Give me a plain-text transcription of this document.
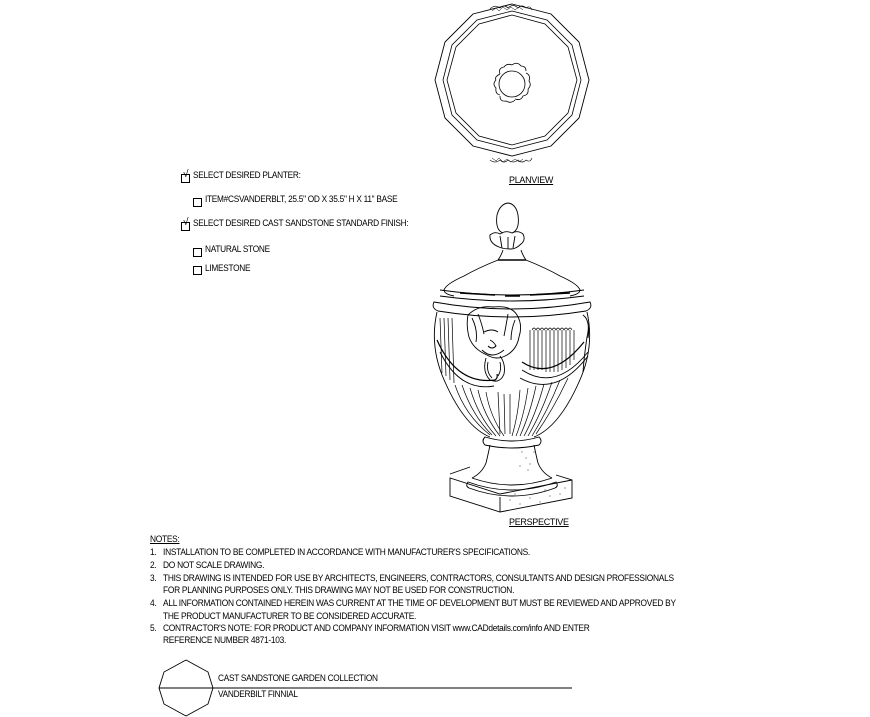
PLANVIEW
PERSPECTIVE
√ SELECT DESIRED PLANTER:
ITEM#CSVANDERBLT, 25.5" OD X 35.5" H X 11" BASE
√ SELECT DESIRED CAST SANDSTONE STANDARD FINISH:
NATURAL STONE
LIMESTONE
NOTES:
1. INSTALLATION TO BE COMPLETED IN ACCORDANCE WITH MANUFACTURER'S SPECIFICATIONS.
2. DO NOT SCALE DRAWING.
3. THIS DRAWING IS INTENDED FOR USE BY ARCHITECTS, ENGINEERS, CONTRACTORS, CONSULTANTS AND DESIGN PROFESSIONALS
FOR PLANNING PURPOSES ONLY. THIS DRAWING MAY NOT BE USED FOR CONSTRUCTION.
4. ALL INFORMATION CONTAINED HEREIN WAS CURRENT AT THE TIME OF DEVELOPMENT BUT MUST BE REVIEWED AND APPROVED BY
THE PRODUCT MANUFACTURER TO BE CONSIDERED ACCURATE.
5. CONTRACTOR'S NOTE: FOR PRODUCT AND COMPANY INFORMATION VISIT www.CADdetails.com/info AND ENTER
REFERENCE NUMBER 4871-103.
CAST SANDSTONE GARDEN COLLECTION
VANDERBILT FINNIAL
